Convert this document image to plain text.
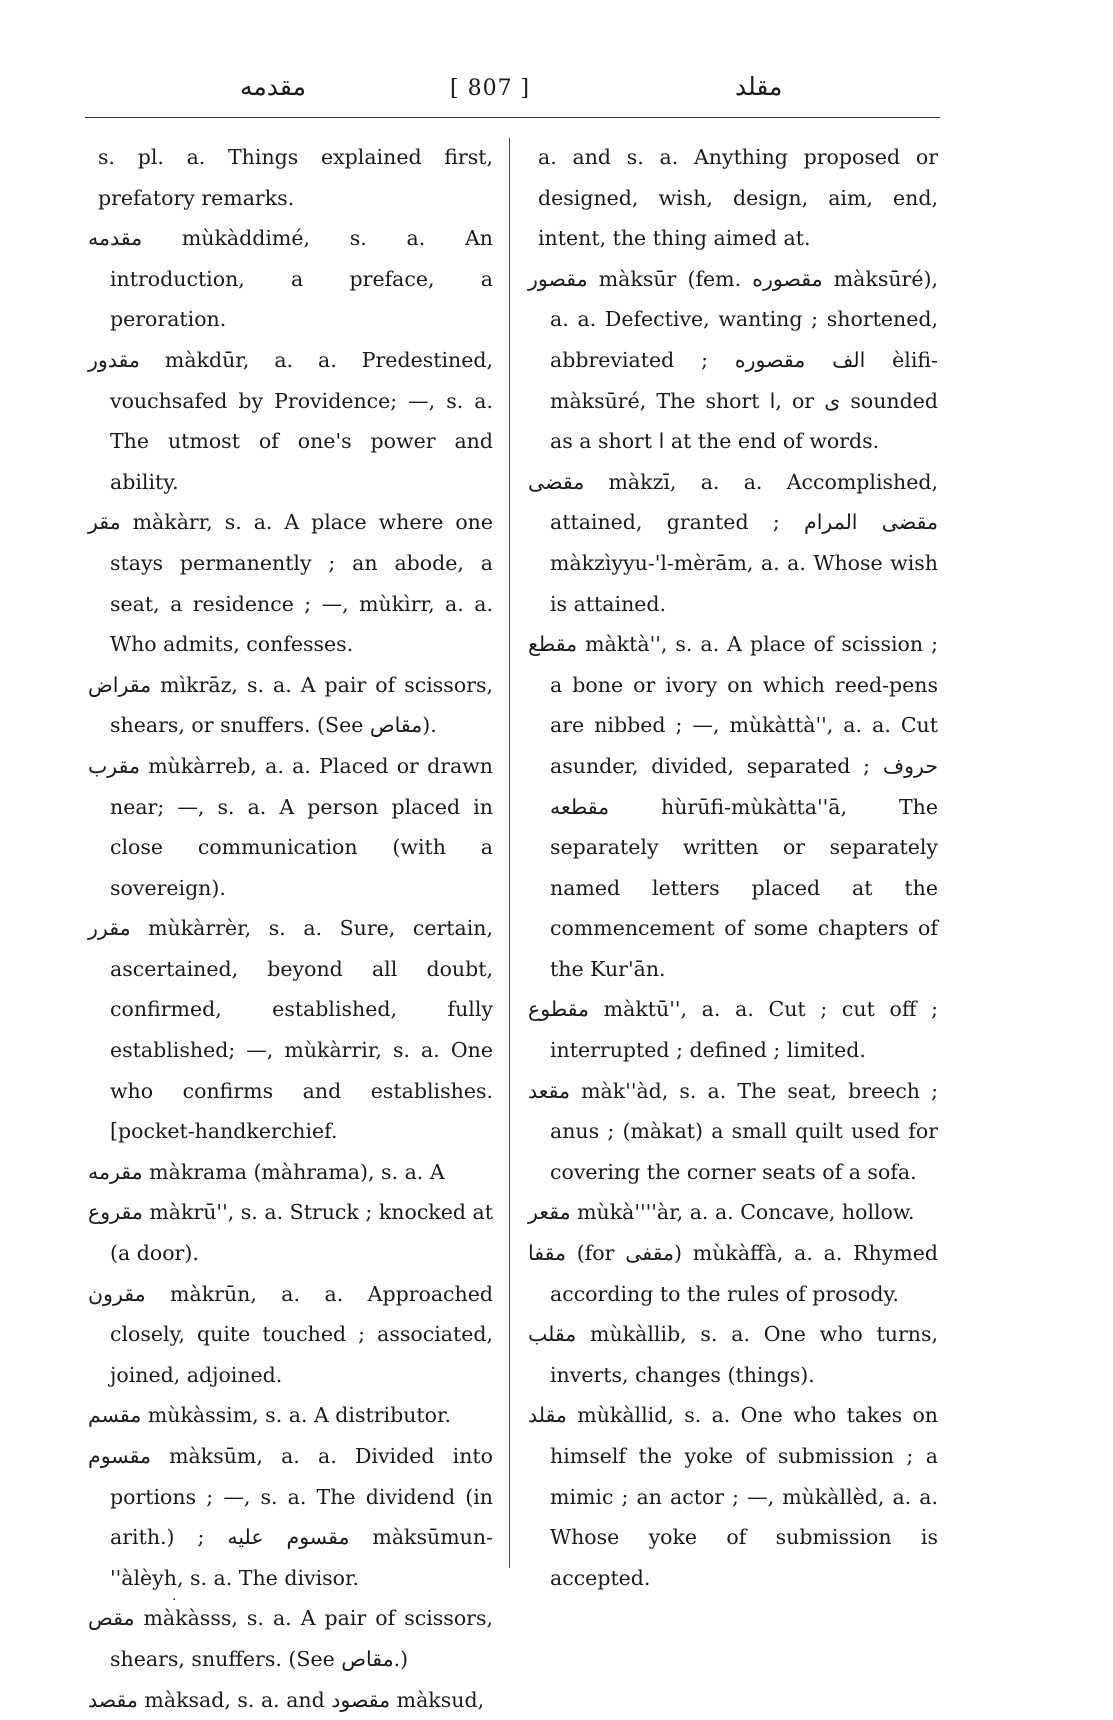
مقدمه	[ 807 ]	مقلد
s. pl. a. Things explained first, prefatory remarks.
مقدمه mùkàddimé, s. a. An introduction, a preface, a peroration.
مقدور màkdūr, a. a. Predestined, vouchsafed by Providence; —, s. a. The utmost of one's power and ability.
مقر màkàrr, s. a. A place where one stays permanently ; an abode, a seat, a residence ; —, mùkìrr, a. a. Who admits, confesses.
مقراض mìkrāz, s. a. A pair of scissors, shears, or snuffers. (See مقاص).
مقرب mùkàrreb, a. a. Placed or drawn near; —, s. a. A person placed in close communication (with a sovereign).
مقرر mùkàrrèr, s. a. Sure, certain, ascertained, beyond all doubt, confirmed, established, fully established; —, mùkàrrir, s. a. One who confirms and establishes. [pocket-handkerchief.
مقرمه màkrama (màhrama), s. a. A
مقروع màkrū'', s. a. Struck ; knocked at (a door).
مقرون màkrūn, a. a. Approached closely, quite touched ; associated, joined, adjoined.
مقسم mùkàssim, s. a. A distributor.
مقسوم màksūm, a. a. Divided into portions ; —, s. a. The dividend (in arith.) ; مقسوم عليه màksūmun-''àlèyh, s. a. The divisor.
مقص màkàsss, s. a. A pair of scissors, shears, snuffers. (See مقاص.)
مقصد màksad, s. a. and مقصود màksud,
a. and s. a. Anything proposed or designed, wish, design, aim, end, intent, the thing aimed at.
مقصور màksūr (fem. مقصوره màksūré), a. a. Defective, wanting ; shortened, abbreviated ; الف مقصوره èlifi-màksūré, The short ا, or ى sounded as a short ا at the end of words.
مقضى màkzī, a. a. Accomplished, attained, granted ; مقضى المرام màkzìyyu-'l-mèrām, a. a. Whose wish is attained.
مقطع màktà'', s. a. A place of scission ; a bone or ivory on which reed-pens are nibbed ; —, mùkàttà'', a. a. Cut asunder, divided, separated ; حروف مقطعه hùrūfi-mùkàtta''ā, The separately written or separately named letters placed at the commencement of some chapters of the Kur'ān.
مقطوع màktū'', a. a. Cut ; cut off ; interrupted ; defined ; limited.
مقعد màk''àd, s. a. The seat, breech ; anus ; (màkat) a small quilt used for covering the corner seats of a sofa.
مقعر mùkà''''àr, a. a. Concave, hollow.
مقفا (for مقفى) mùkàffà, a. a. Rhymed according to the rules of prosody.
مقلب mùkàllib, s. a. One who turns, inverts, changes (things).
مقلد mùkàllid, s. a. One who takes on himself the yoke of submission ; a mimic ; an actor ; —, mùkàllèd, a. a. Whose yoke of submission is accepted.
.
